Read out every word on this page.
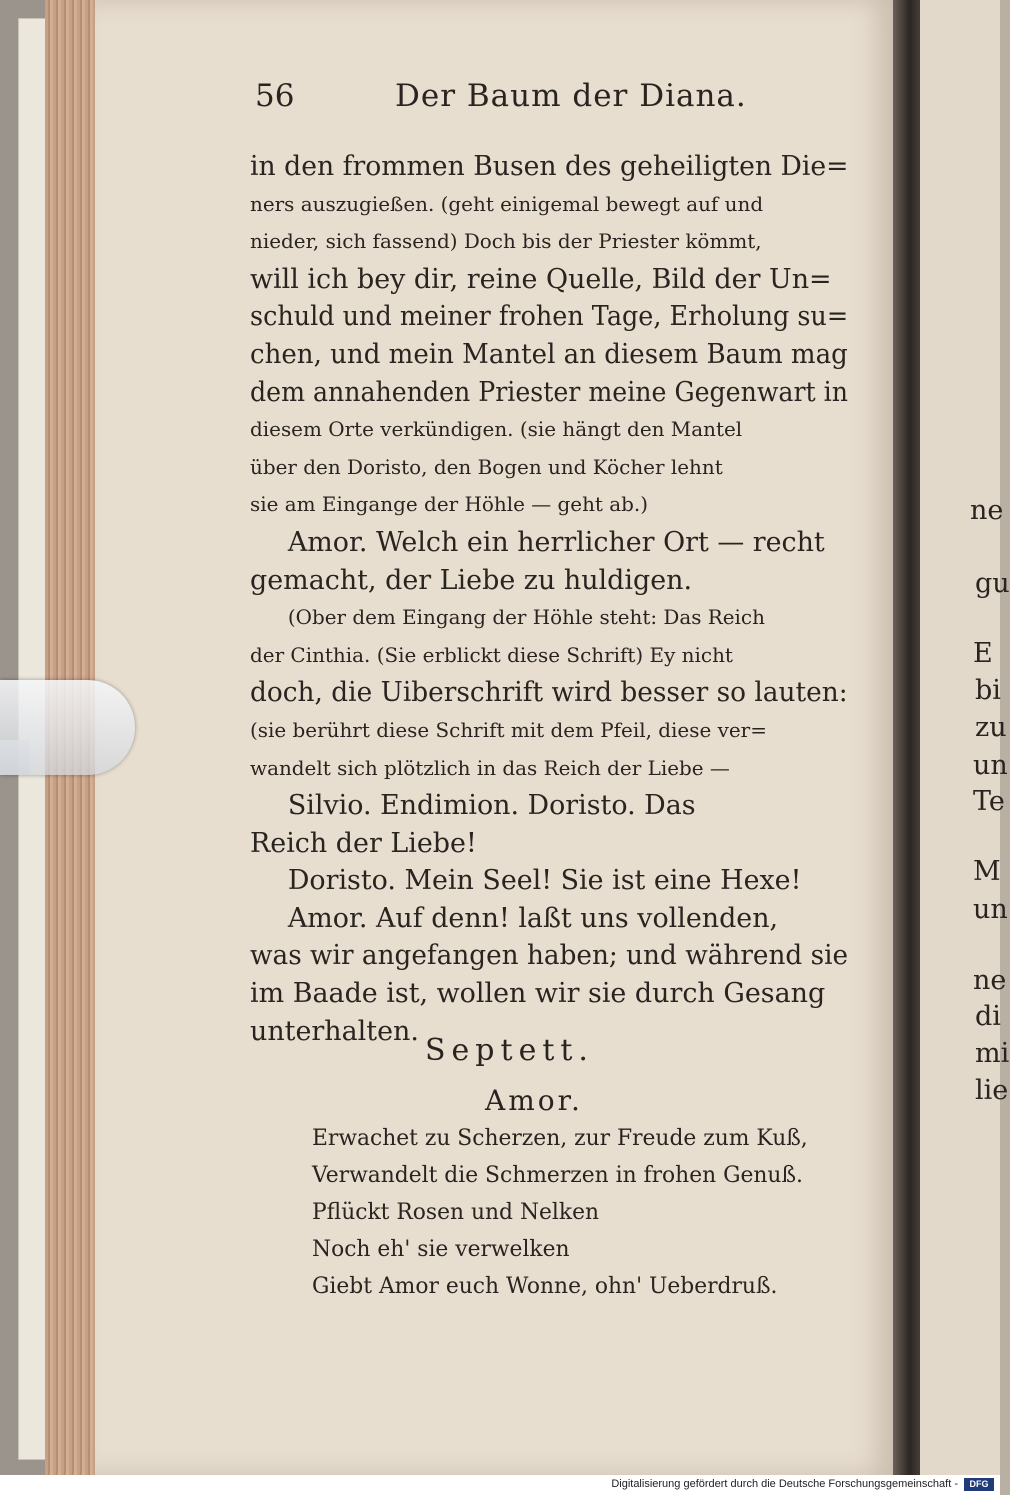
56	Der Baum der Diana.
in den frommen Busen des geheiligten Die=
ners auszugießen. (geht einigemal bewegt auf und
nieder, sich fassend) Doch bis der Priester kömmt,
will ich bey dir, reine Quelle, Bild der Un=
schuld und meiner frohen Tage, Erholung su=
chen, und mein Mantel an diesem Baum mag
dem annahenden Priester meine Gegenwart in
diesem Orte verkündigen. (sie hängt den Mantel
über den Doristo, den Bogen und Köcher lehnt
sie am Eingange der Höhle — geht ab.)
Amor. Welch ein herrlicher Ort — recht
gemacht, der Liebe zu huldigen.
(Ober dem Eingang der Höhle steht: Das Reich
der Cinthia. (Sie erblickt diese Schrift) Ey nicht
doch, die Uiberschrift wird besser so lauten:
(sie berührt diese Schrift mit dem Pfeil, diese ver=
wandelt sich plötzlich in das Reich der Liebe —
Silvio. Endimion. Doristo. Das
Reich der Liebe!
Doristo. Mein Seel! Sie ist eine Hexe!
Amor. Auf denn! laßt uns vollenden,
was wir angefangen haben; und während sie
im Baade ist, wollen wir sie durch Gesang
unterhalten.
Septett.
Amor.
Erwachet zu Scherzen, zur Freude zum Kuß,
Verwandelt die Schmerzen in frohen Genuß.
Pflückt Rosen und Nelken
Noch eh' sie verwelken
Giebt Amor euch Wonne, ohn' Ueberdruß.
ne
gu
E
bi
zu
un
Te
M
un
ne
di
mi
lie
Digitalisierung gefördert durch die Deutsche Forschungsgemeinschaft -	DFG
